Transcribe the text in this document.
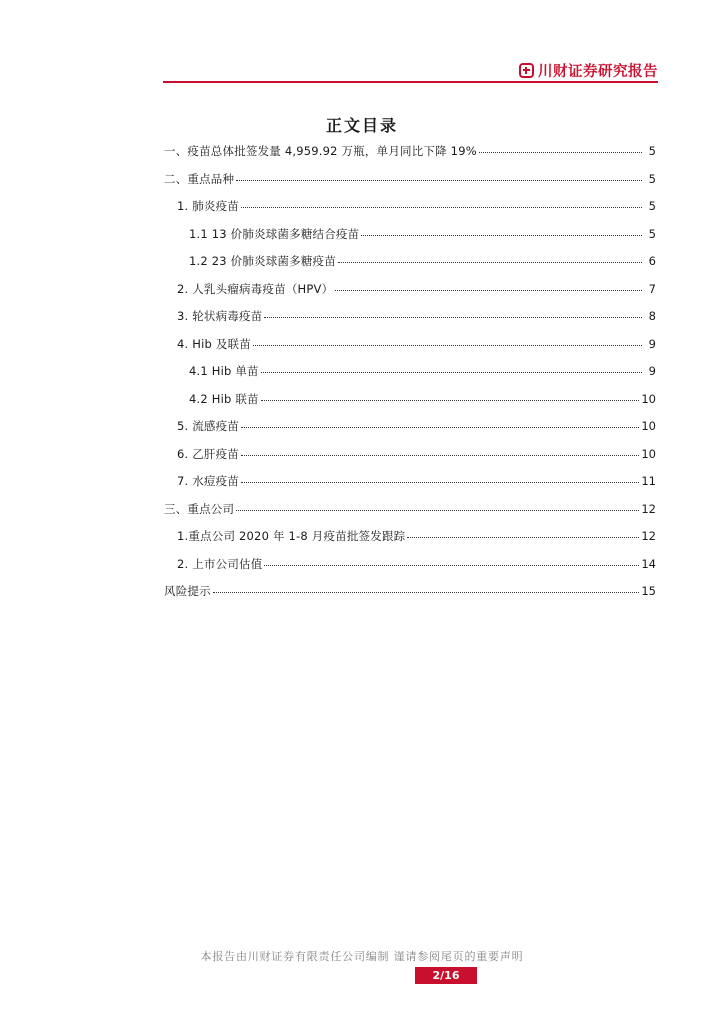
川财证券研究报告
正文目录
一、疫苗总体批签发量 4,959.92 万瓶，单月同比下降 19%	5
二、重点品种	5
1. 肺炎疫苗	5
1.1 13 价肺炎球菌多糖结合疫苗	5
1.2 23 价肺炎球菌多糖疫苗	6
2. 人乳头瘤病毒疫苗（HPV）	7
3. 轮状病毒疫苗	8
4. Hib 及联苗	9
4.1 Hib 单苗	9
4.2 Hib 联苗	10
5. 流感疫苗	10
6. 乙肝疫苗	10
7. 水痘疫苗	11
三、重点公司	12
1.重点公司 2020 年 1-8 月疫苗批签发跟踪	12
2. 上市公司估值	14
风险提示	15
本报告由川财证券有限责任公司编制 谨请参阅尾页的重要声明
2/16
